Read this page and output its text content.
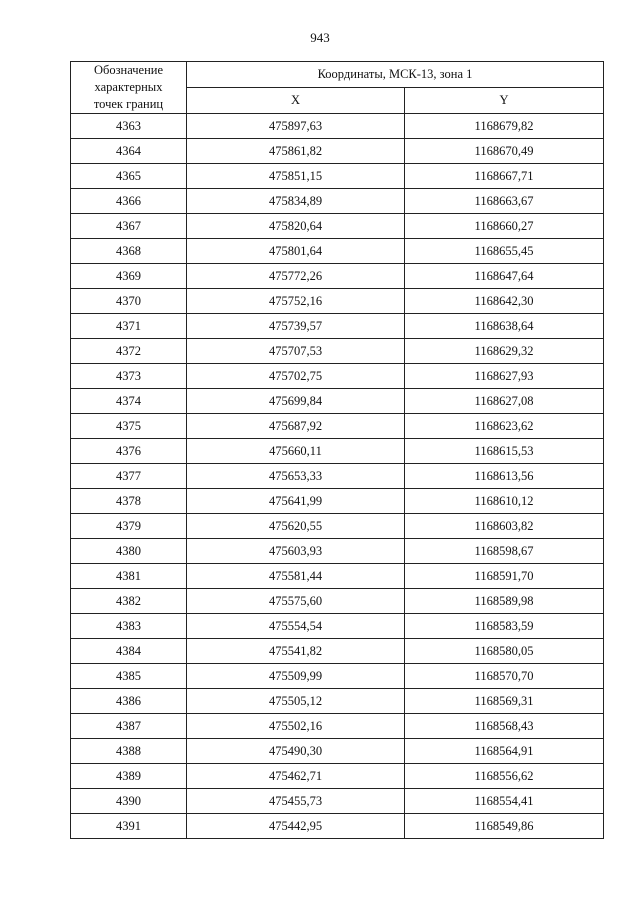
943
Обозначение
характерных
точек границ	Координаты, МСК-13, зона 1	
	X	Y
4363	475897,63	1168679,82
4364	475861,82	1168670,49
4365	475851,15	1168667,71
4366	475834,89	1168663,67
4367	475820,64	1168660,27
4368	475801,64	1168655,45
4369	475772,26	1168647,64
4370	475752,16	1168642,30
4371	475739,57	1168638,64
4372	475707,53	1168629,32
4373	475702,75	1168627,93
4374	475699,84	1168627,08
4375	475687,92	1168623,62
4376	475660,11	1168615,53
4377	475653,33	1168613,56
4378	475641,99	1168610,12
4379	475620,55	1168603,82
4380	475603,93	1168598,67
4381	475581,44	1168591,70
4382	475575,60	1168589,98
4383	475554,54	1168583,59
4384	475541,82	1168580,05
4385	475509,99	1168570,70
4386	475505,12	1168569,31
4387	475502,16	1168568,43
4388	475490,30	1168564,91
4389	475462,71	1168556,62
4390	475455,73	1168554,41
4391	475442,95	1168549,86
